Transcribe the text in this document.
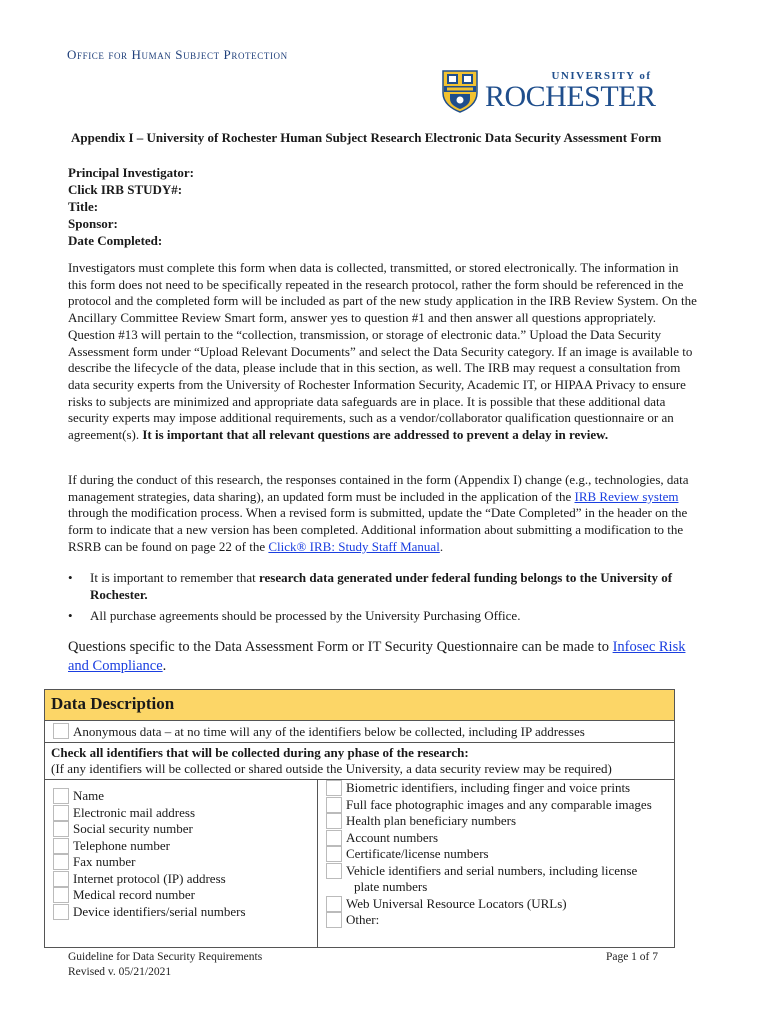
Office for Human Subject Protection
UNIVERSITY of
ROCHESTER
Appendix I – University of Rochester Human Subject Research Electronic Data Security Assessment Form
Principal Investigator:
Click IRB STUDY#:
Title:
Sponsor:
Date Completed:
Investigators must complete this form when data is collected, transmitted, or stored electronically. The information in this form does not need to be specifically repeated in the research protocol, rather the form should be referenced in the protocol and the completed form will be included as part of the new study application in the IRB Review System. On the Ancillary Committee Review Smart form, answer yes to question #1 and then answer all questions appropriately. Question #13 will pertain to the “collection, transmission, or storage of electronic data.” Upload the Data Security Assessment form under “Upload Relevant Documents” and select the Data Security category. If an image is available to describe the lifecycle of the data, please include that in this section, as well. The IRB may request a consultation from data security experts from the University of Rochester Information Security, Academic IT, or HIPAA Privacy to ensure risks to subjects are minimized and appropriate data safeguards are in place. It is possible that these additional data security experts may impose additional requirements, such as a vendor/collaborator qualification questionnaire or an agreement(s). It is important that all relevant questions are addressed to prevent a delay in review.
If during the conduct of this research, the responses contained in the form (Appendix I) change (e.g., technologies, data management strategies, data sharing), an updated form must be included in the application of the IRB Review system through the modification process. When a revised form is submitted, update the “Date Completed” in the header on the form to indicate that a new version has been completed. Additional information about submitting a modification to the RSRB can be found on page 22 of the Click® IRB: Study Staff Manual.
•	It is important to remember that research data generated under federal funding belongs to the University of Rochester.
•	All purchase agreements should be processed by the University Purchasing Office.
Questions specific to the Data Assessment Form or IT Security Questionnaire can be made to Infosec Risk and Compliance.
Data Description
Anonymous data – at no time will any of the identifiers below be collected, including IP addresses

Check all identifiers that will be collected during any phase of the research:
(If any identifiers will be collected or shared outside the University, a data security review may be required)

Name
Electronic mail address
Social security number
Telephone number
Fax number
Internet protocol (IP) address
Medical record number
Device identifiers/serial numbers

Biometric identifiers, including finger and voice prints
Full face photographic images and any comparable images
Health plan beneficiary numbers
Account numbers
Certificate/license numbers
Vehicle identifiers and serial numbers, including license
plate numbers
Web Universal Resource Locators (URLs)
Other:
Guideline for Data Security Requirements
Revised v. 05/21/2021
Page 1 of 7
